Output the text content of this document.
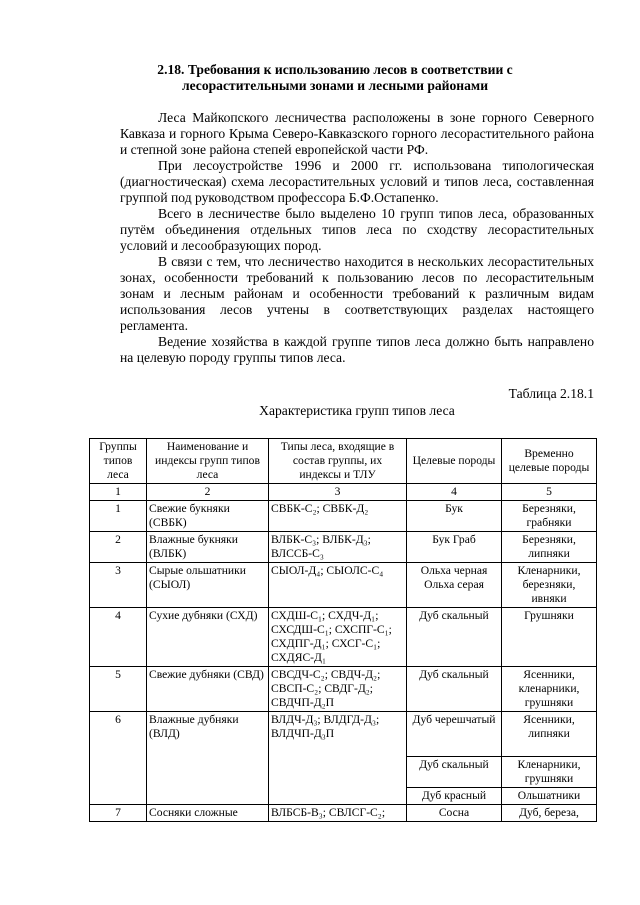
2.18. Требования к использованию лесов в соответствии с
лесорастительными зонами и лесными районами

Леса Майкопского лесничества расположены в зоне горного Северного Кавказа и горного Крыма Северо-Кавказского горного лесорастительного района и степной зоне района степей европейской части РФ.

При лесоустройстве 1996 и 2000 гг. использована типологическая (диагностическая) схема лесорастительных условий и типов леса, составленная группой под руководством профессора Б.Ф.Остапенко.

Всего в лесничестве было выделено 10 групп типов леса, образованных путём объединения отдельных типов леса по сходству лесорастительных условий и лесообразующих пород.

В связи с тем, что лесничество находится в нескольких лесорастительных зонах, особенности требований к пользованию лесов по лесорастительным зонам и лесным районам и особенности требований к различным видам использования лесов учтены в соответствующих разделах настоящего регламента.

Ведение хозяйства в каждой группе типов леса должно быть направлено на целевую породу группы типов леса.

Таблица 2.18.1
Характеристика групп типов леса
Группы типов леса	Наименование и индексы групп типов леса	Типы леса, входящие в состав группы, их индексы и ТЛУ	Целевые породы	Временно целевые породы
1	2	3	4	5
1	Свежие букняки (СВБК)	СВБК-С₂; СВБК-Д₂	Бук	Березняки, грабняки
2	Влажные букняки (ВЛБК)	ВЛБК-С₃; ВЛБК-Д₃; ВЛССБ-С₃	Бук Граб	Березняки, липняки
3	Сырые ольшатники (СЫОЛ)	СЫОЛ-Д₄; СЫОЛС-С₄	Ольха черная Ольха серая	Кленарники, березняки, ивняки
4	Сухие дубняки (СХД)	СХДШ-С₁; СХДЧ-Д₁; СХСДШ-С₁; СХСПГ-С₁; СХДПГ-Д₁; СХСГ-С₁; СХДЯС-Д₁	Дуб скальный	Грушняки
5	Свежие дубняки (СВД)	СВСДЧ-С₂; СВДЧ-Д₂; СВСП-С₂; СВДГ-Д₂; СВДЧП-Д₂П	Дуб скальный	Ясенники, кленарники, грушняки
6	Влажные дубняки (ВЛД)	ВЛДЧ-Д₃; ВЛДГД-Д₃; ВЛДЧП-Д₃П	Дуб черешчатый	Ясенники, липняки
			Дуб скальный	Кленарники, грушняки
			Дуб красный	Ольшатники
7	Сосняки сложные	ВЛБСБ-В₃; СВЛСГ-С₂;	Сосна	Дуб, береза,
